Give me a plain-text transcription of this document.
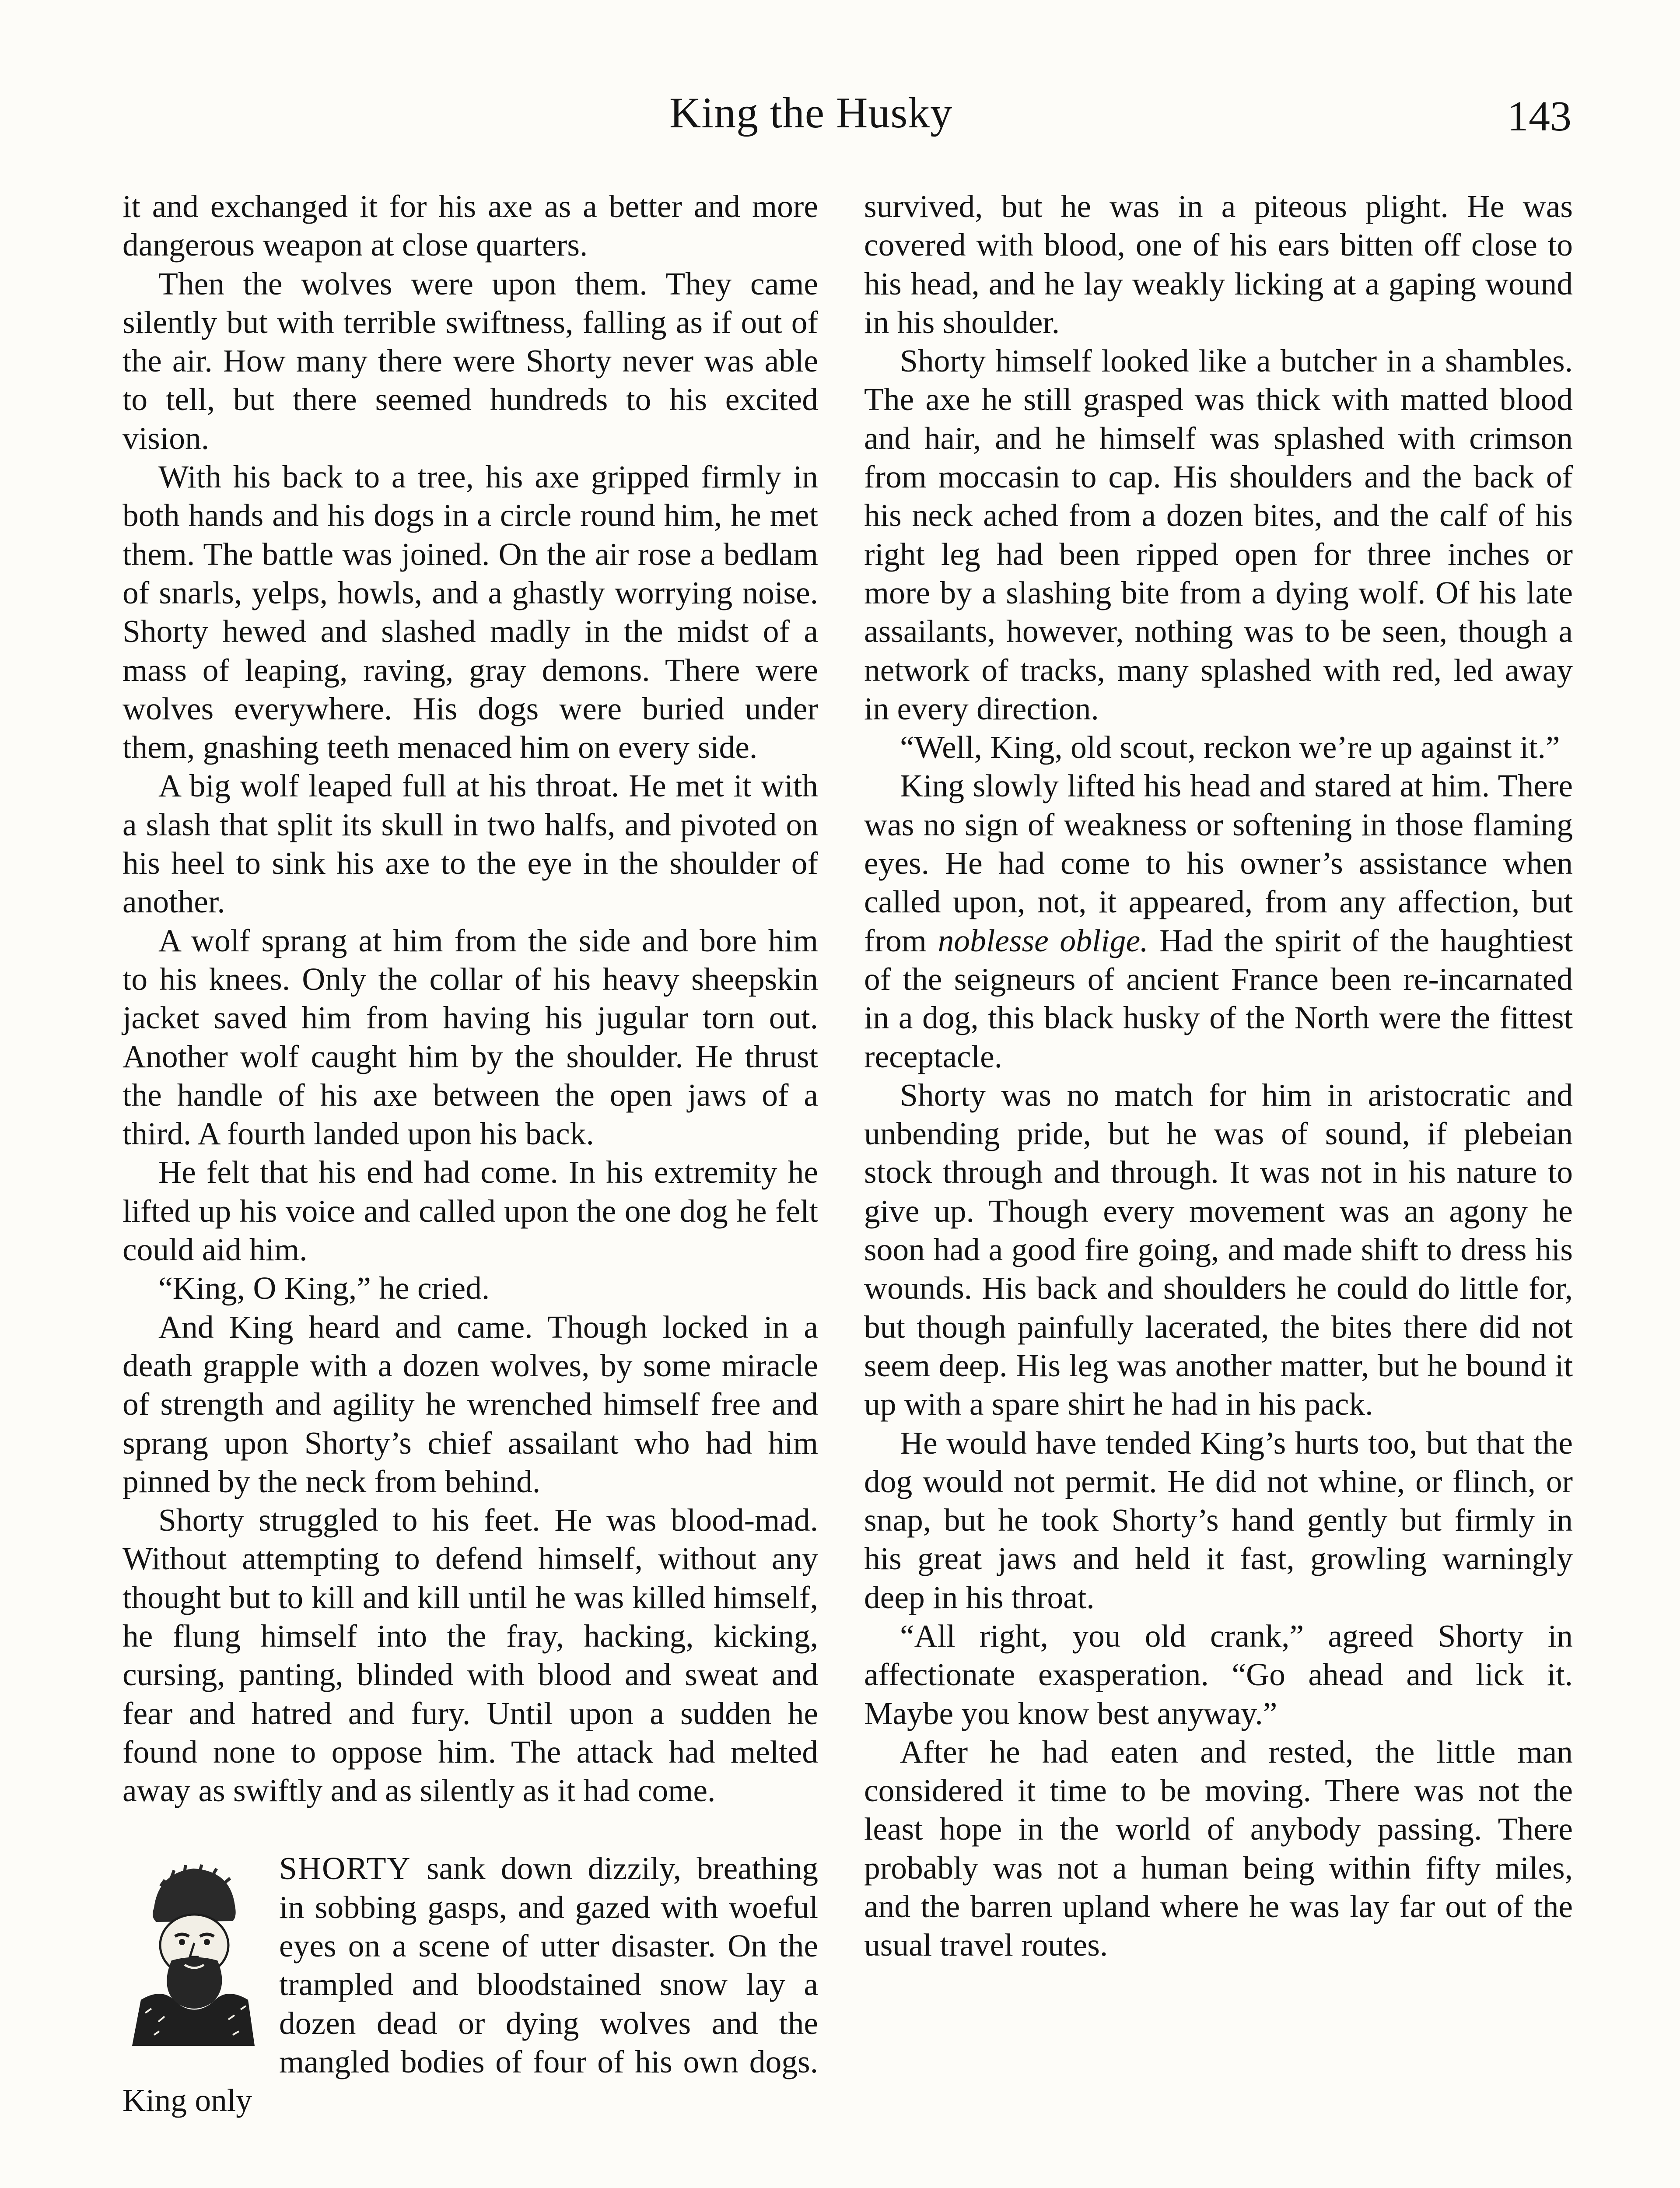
King the Husky	143

it and exchanged it for his axe as a better and more dangerous weapon at close quarters.

Then the wolves were upon them. They came silently but with terrible swiftness, falling as if out of the air. How many there were Shorty never was able to tell, but there seemed hundreds to his excited vision.

With his back to a tree, his axe gripped firmly in both hands and his dogs in a circle round him, he met them. The battle was joined. On the air rose a bedlam of snarls, yelps, howls, and a ghastly worrying noise. Shorty hewed and slashed madly in the midst of a mass of leaping, raving, gray demons. There were wolves everywhere. His dogs were buried under them, gnashing teeth menaced him on every side.

A big wolf leaped full at his throat. He met it with a slash that split its skull in two halfs, and pivoted on his heel to sink his axe to the eye in the shoulder of another.

A wolf sprang at him from the side and bore him to his knees. Only the collar of his heavy sheepskin jacket saved him from having his jugular torn out. Another wolf caught him by the shoulder. He thrust the handle of his axe between the open jaws of a third. A fourth landed upon his back.

He felt that his end had come. In his extremity he lifted up his voice and called upon the one dog he felt could aid him.

“King, O King,” he cried.

And King heard and came. Though locked in a death grapple with a dozen wolves, by some miracle of strength and agility he wrenched himself free and sprang upon Shorty’s chief assailant who had him pinned by the neck from behind.

Shorty struggled to his feet. He was blood-mad. Without attempting to defend himself, without any thought but to kill and kill until he was killed himself, he flung himself into the fray, hacking, kicking, cursing, panting, blinded with blood and sweat and fear and hatred and fury. Until upon a sudden he found none to oppose him. The attack had melted away as swiftly and as silently as it had come.

SHORTY sank down dizzily, breathing in sobbing gasps, and gazed with woeful eyes on a scene of utter disaster. On the trampled and bloodstained snow lay a dozen dead or dying wolves and the mangled bodies of four of his own dogs. King only

survived, but he was in a piteous plight. He was covered with blood, one of his ears bitten off close to his head, and he lay weakly licking at a gaping wound in his shoulder.

Shorty himself looked like a butcher in a shambles. The axe he still grasped was thick with matted blood and hair, and he himself was splashed with crimson from moccasin to cap. His shoulders and the back of his neck ached from a dozen bites, and the calf of his right leg had been ripped open for three inches or more by a slashing bite from a dying wolf. Of his late assailants, however, nothing was to be seen, though a network of tracks, many splashed with red, led away in every direction.

“Well, King, old scout, reckon we’re up against it.”

King slowly lifted his head and stared at him. There was no sign of weakness or softening in those flaming eyes. He had come to his owner’s assistance when called upon, not, it appeared, from any affection, but from noblesse oblige. Had the spirit of the haughtiest of the seigneurs of ancient France been re-incarnated in a dog, this black husky of the North were the fittest receptacle.

Shorty was no match for him in aristocratic and unbending pride, but he was of sound, if plebeian stock through and through. It was not in his nature to give up. Though every movement was an agony he soon had a good fire going, and made shift to dress his wounds. His back and shoulders he could do little for, but though painfully lacerated, the bites there did not seem deep. His leg was another matter, but he bound it up with a spare shirt he had in his pack.

He would have tended King’s hurts too, but that the dog would not permit. He did not whine, or flinch, or snap, but he took Shorty’s hand gently but firmly in his great jaws and held it fast, growling warningly deep in his throat.

“All right, you old crank,” agreed Shorty in affectionate exasperation. “Go ahead and lick it. Maybe you know best anyway.”

After he had eaten and rested, the little man considered it time to be moving. There was not the least hope in the world of anybody passing. There probably was not a human being within fifty miles, and the barren upland where he was lay far out of the usual travel routes.
